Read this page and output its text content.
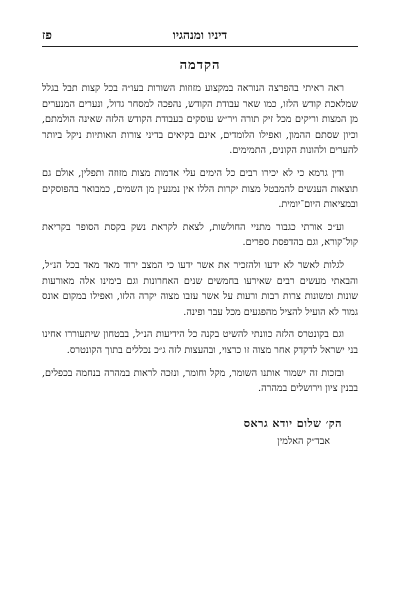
דיניו ומנהגיו
פז
הקדמה

ראה ראיתי בהפרצה הנוראה במקצוע מזוזות השורות בעו״ה בכל קצות תבל בגלל שמלאכת קודש הלזו, כמו שאר עבודת הקודש, נהפכה למסחר גדול, ונערים המנערים מן המצות וריקים מכל זיק תורה ויר״ש עוסקים בעבודת הקודש הלזה שאינה הולמתם, וכיון שסתם ההמון, ואפילו הלומדים, אינם בקיאים בדיני צורות האותיות ניקל ביותר להערים ולהונות הקונים, התמימים.

ודין גרמא כי לא יכירו רבים כל הימים עלי אדמות מצות מזוזה ותפלין, אולם גם תוצאות הענשים להמבטל מצות יקרות הללו אין נמנעין מן השמים, כמבואר בהפוסקים ובמציאות היום־יומית.

וע״כ אורתי כגבור מתניי החולשות, לצאת לקראת נשק בקסת הסופר בקריאת קול־קורא, וגם בהדפסת ספרים.

לגלות לאשר לא ידעו ולהזכיר את אשר ידעו כי המצב ירוד מאד מאד בכל הנ״ל, והבאתי מעשים רבים שאירעו בחמשים שנים האחרונות וגם בימינו אלה מאורעות שונות ומשונות צרות רבות ורעות על אשר עזבו מצוה יקרה הלזו, ואפילו במקום אונס גמור לא הועיל להציל מהפגעים מכל עבר ופינה.

וגם בקונטרס הלזה כוונתי להשיט בקנה כל הידיעות הנ״ל, בבטחון שיתעוררו אחינו בני ישראל לדקדק אחר מצוה זו כרצוי, ובהעצות לזה ג״כ נכללים בתוך הקונטרס.

ובזכות זה ישמור אותנו השומר, מקל וחומר, ונזכה לראות במהרה בנחמה בכפלים, בבנין ציון וירושלים במהרה.

הק׳ שלום יודא גראס
אבד״ק האלמין
